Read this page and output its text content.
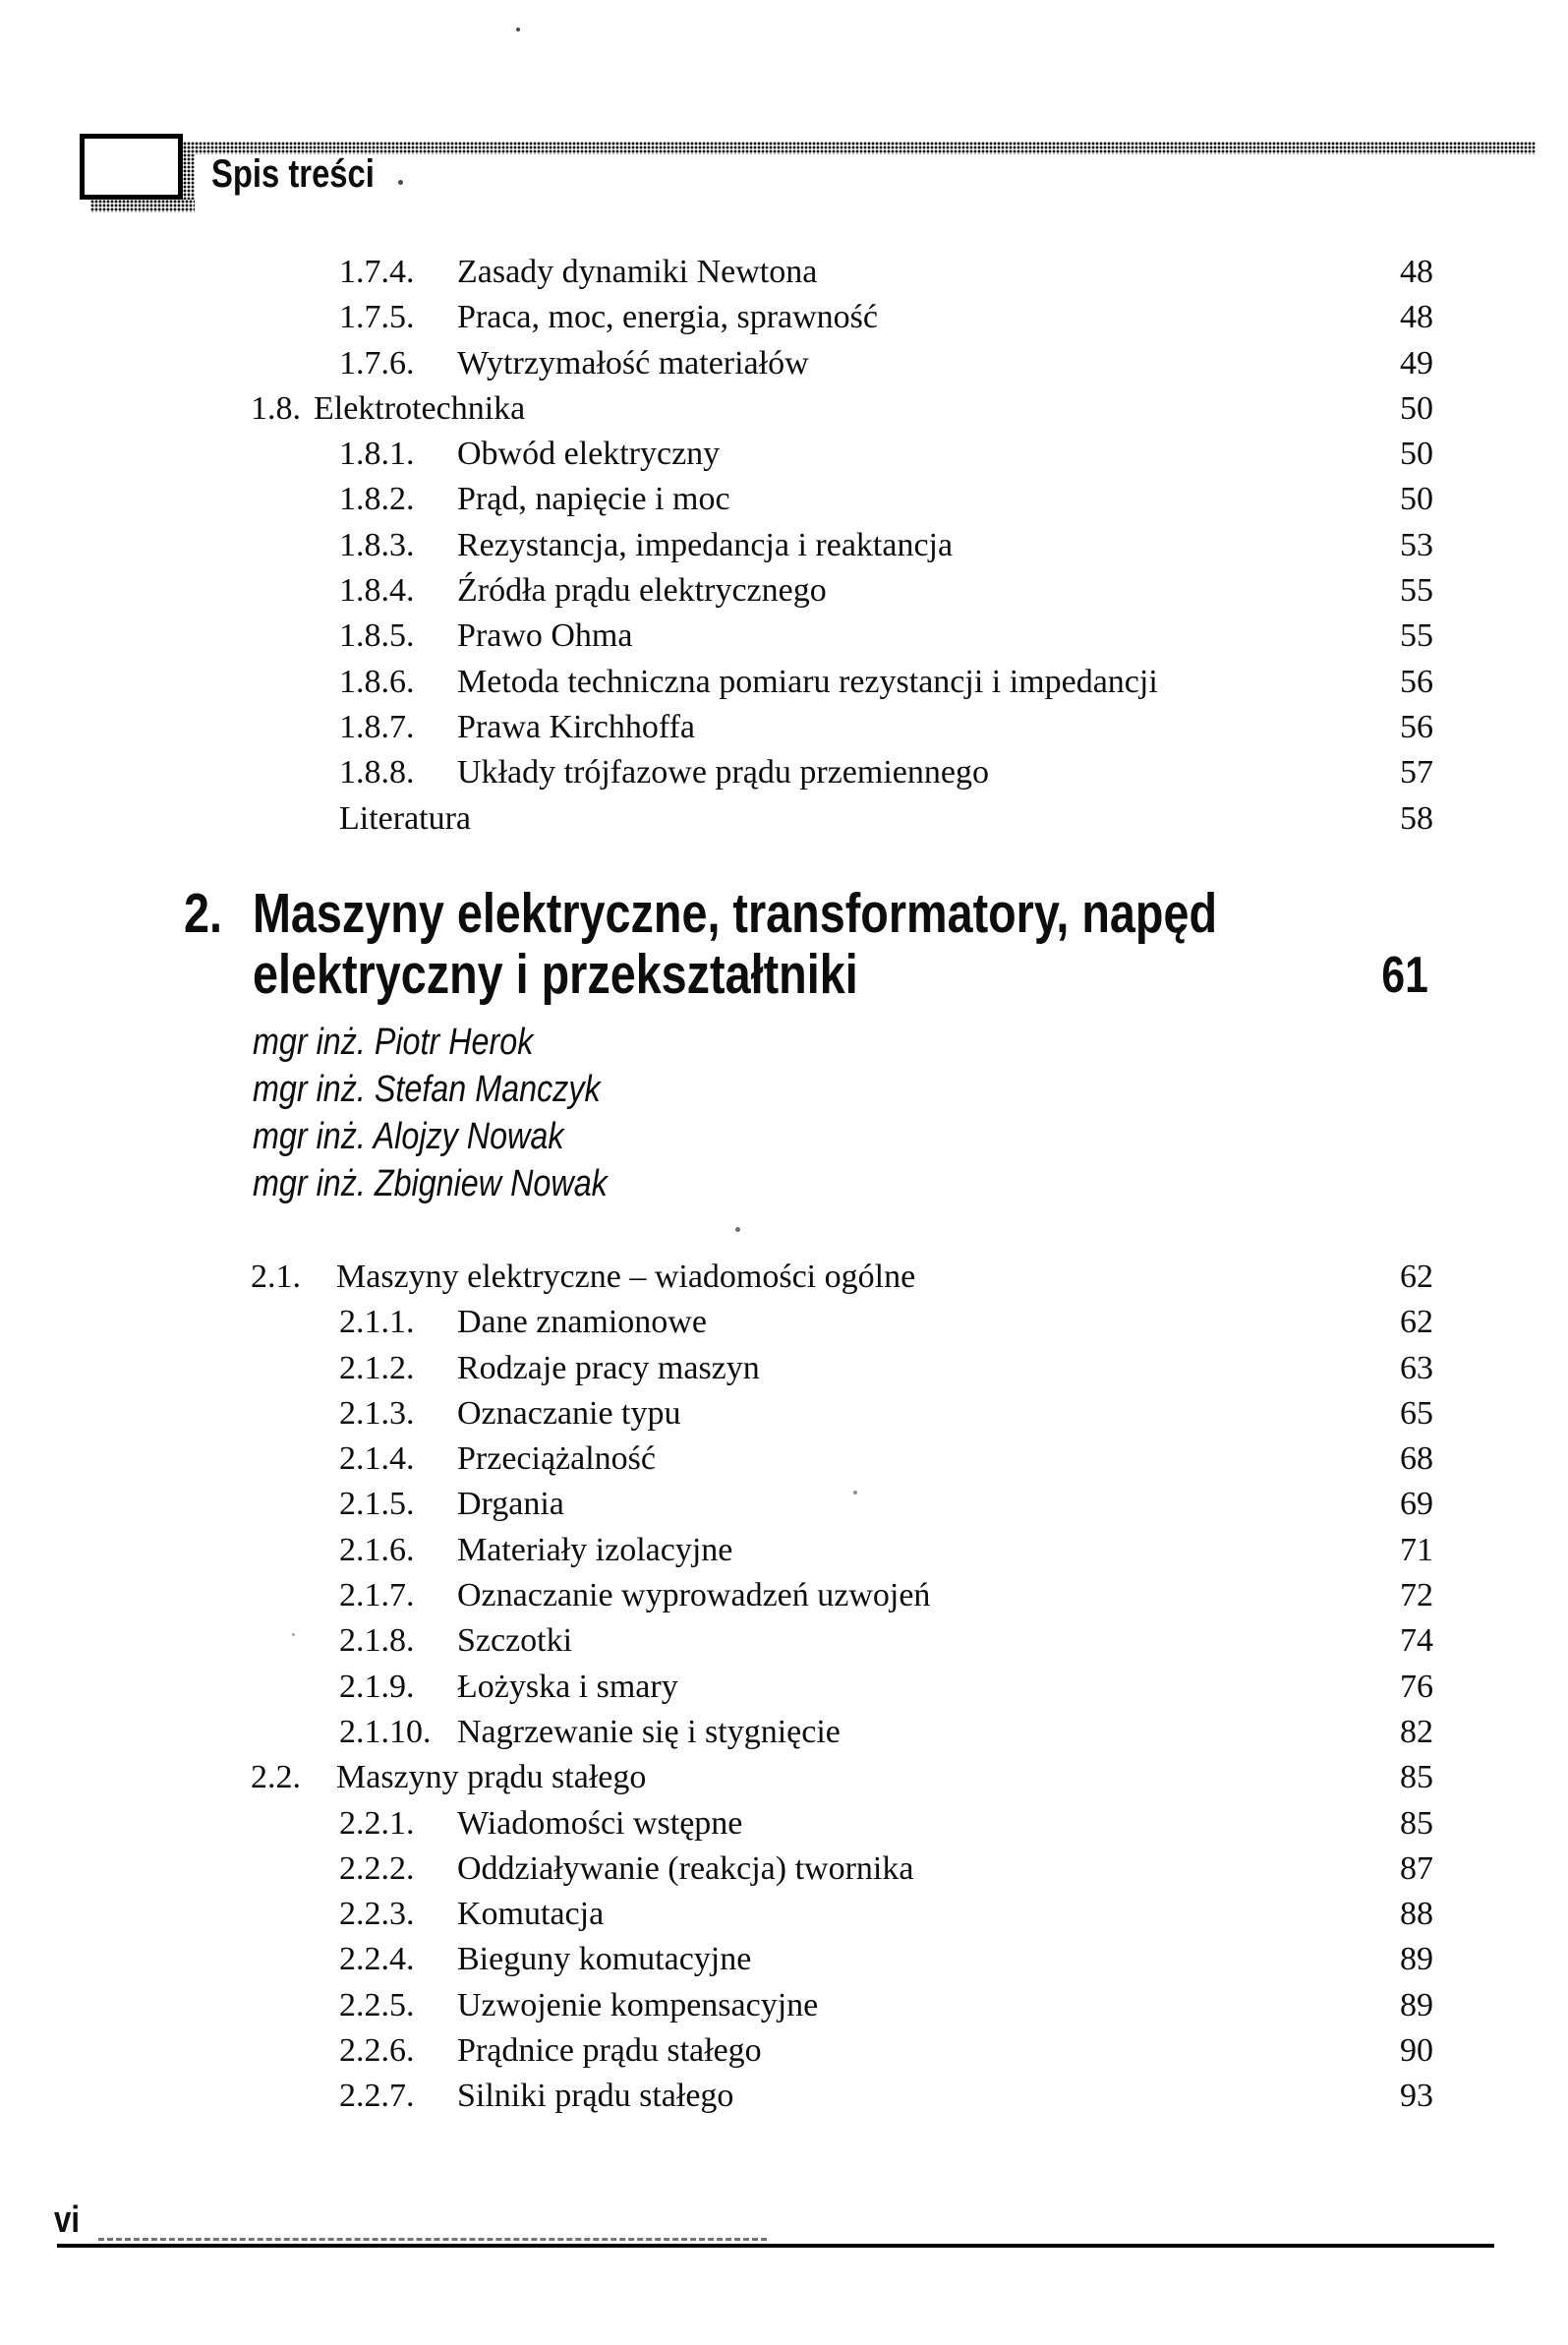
Spis treści
1.7.4.	Zasady dynamiki Newtona	48
1.7.5.	Praca, moc, energia, sprawność	48
1.7.6.	Wytrzymałość materiałów	49
1.8. Elektrotechnika	50
1.8.1.	Obwód elektryczny	50
1.8.2.	Prąd, napięcie i moc	50
1.8.3.	Rezystancja, impedancja i reaktancja	53
1.8.4.	Źródła prądu elektrycznego	55
1.8.5.	Prawo Ohma	55
1.8.6.	Metoda techniczna pomiaru rezystancji i impedancji	56
1.8.7.	Prawa Kirchhoffa	56
1.8.8.	Układy trójfazowe prądu przemiennego	57
Literatura	58
2. Maszyny elektryczne, transformatory, napęd
elektryczny i przekształtniki	61
mgr inż. Piotr Herok
mgr inż. Stefan Manczyk
mgr inż. Alojzy Nowak
mgr inż. Zbigniew Nowak
2.1.	Maszyny elektryczne – wiadomości ogólne	62
2.1.1.	Dane znamionowe	62
2.1.2.	Rodzaje pracy maszyn	63
2.1.3.	Oznaczanie typu	65
2.1.4.	Przeciążalność	68
2.1.5.	Drgania	69
2.1.6.	Materiały izolacyjne	71
2.1.7.	Oznaczanie wyprowadzeń uzwojeń	72
2.1.8.	Szczotki	74
2.1.9.	Łożyska i smary	76
2.1.10. Nagrzewanie się i stygnięcie	82
2.2.	Maszyny prądu stałego	85
2.2.1.	Wiadomości wstępne	85
2.2.2.	Oddziaływanie (reakcja) twornika	87
2.2.3.	Komutacja	88
2.2.4.	Bieguny komutacyjne	89
2.2.5.	Uzwojenie kompensacyjne	89
2.2.6.	Prądnice prądu stałego	90
2.2.7.	Silniki prądu stałego	93
vi
